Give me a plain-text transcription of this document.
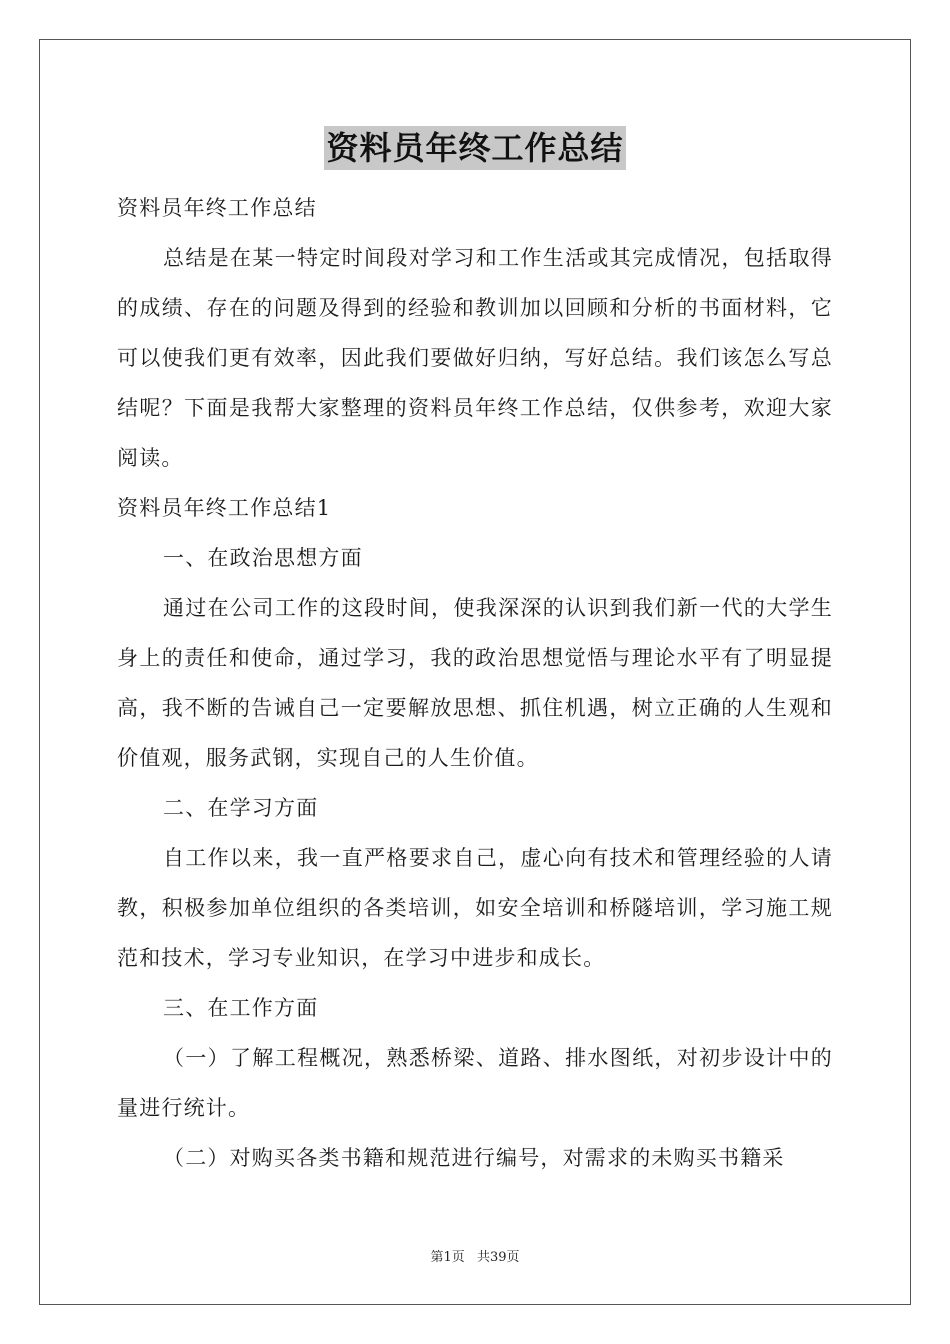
资料员年终工作总结
资料员年终工作总结

总结是在某一特定时间段对学习和工作生活或其完成情况，包括取得的成绩、存在的问题及得到的经验和教训加以回顾和分析的书面材料，它可以使我们更有效率，因此我们要做好归纳，写好总结。我们该怎么写总结呢？下面是我帮大家整理的资料员年终工作总结，仅供参考，欢迎大家阅读。

资料员年终工作总结1
一、在政治思想方面

通过在公司工作的这段时间，使我深深的认识到我们新一代的大学生身上的责任和使命，通过学习，我的政治思想觉悟与理论水平有了明显提高，我不断的告诫自己一定要解放思想、抓住机遇，树立正确的人生观和价值观，服务武钢，实现自己的人生价值。

二、在学习方面

自工作以来，我一直严格要求自己，虚心向有技术和管理经验的人请教，积极参加单位组织的各类培训，如安全培训和桥隧培训，学习施工规范和技术，学习专业知识，在学习中进步和成长。

三、在工作方面

（一）了解工程概况，熟悉桥梁、道路、排水图纸，对初步设计中的量进行统计。

（二）对购买各类书籍和规范进行编号，对需求的未购买书籍采

第1页 共39页
